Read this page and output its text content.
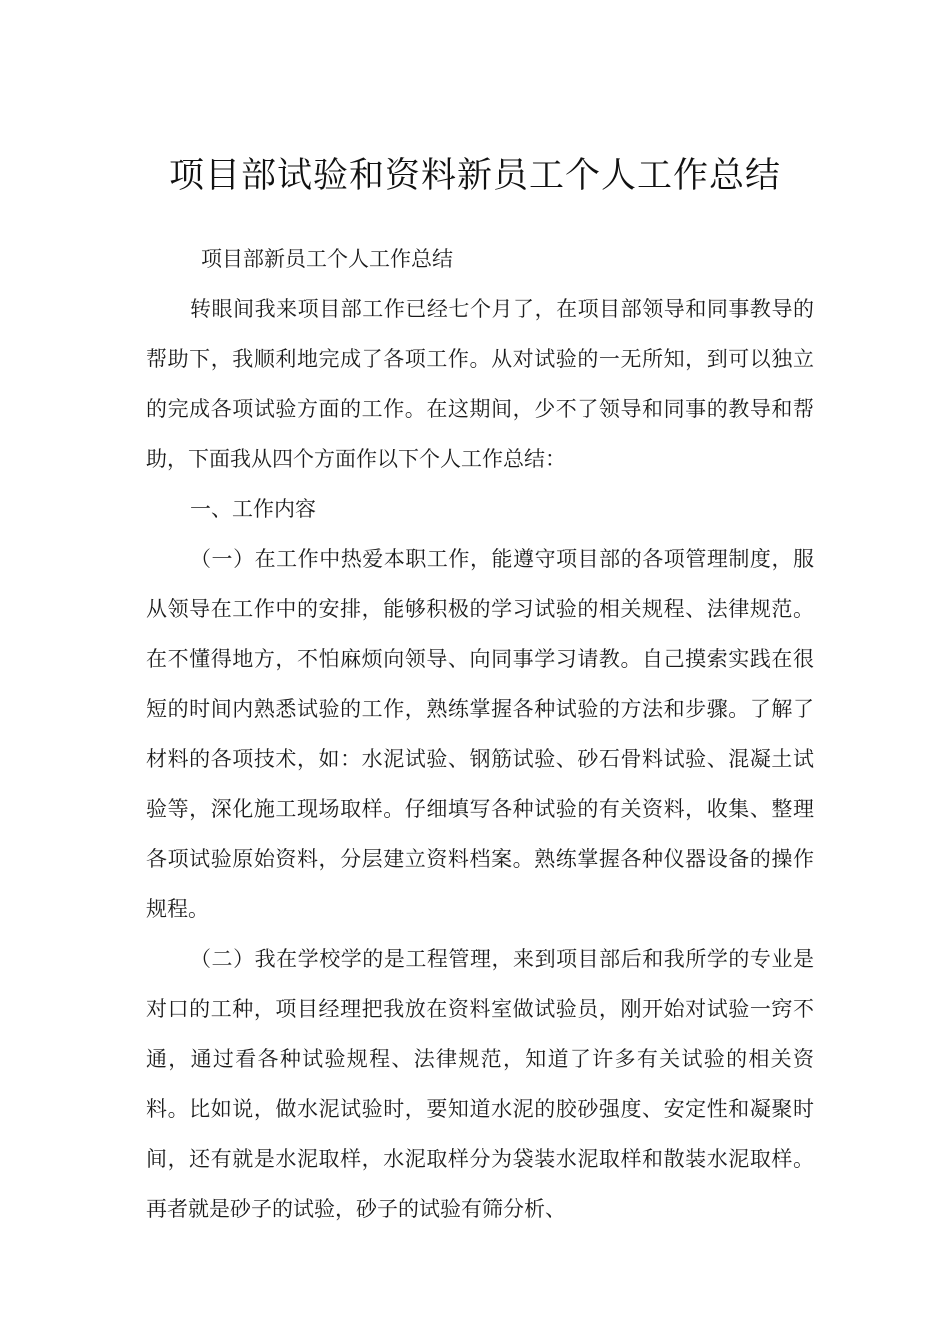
项目部试验和资料新员工个人工作总结

项目部新员工个人工作总结

转眼间我来项目部工作已经七个月了，在项目部领导和同事教导的帮助下，我顺利地完成了各项工作。从对试验的一无所知，到可以独立的完成各项试验方面的工作。在这期间，少不了领导和同事的教导和帮助，下面我从四个方面作以下个人工作总结：

一、工作内容

（一）在工作中热爱本职工作，能遵守项目部的各项管理制度，服从领导在工作中的安排，能够积极的学习试验的相关规程、法律规范。在不懂得地方，不怕麻烦向领导、向同事学习请教。自己摸索实践在很短的时间内熟悉试验的工作，熟练掌握各种试验的方法和步骤。了解了材料的各项技术，如：水泥试验、钢筋试验、砂石骨料试验、混凝土试验等，深化施工现场取样。仔细填写各种试验的有关资料，收集、整理各项试验原始资料，分层建立资料档案。熟练掌握各种仪器设备的操作规程。

（二）我在学校学的是工程管理，来到项目部后和我所学的专业是对口的工种，项目经理把我放在资料室做试验员，刚开始对试验一窍不通，通过看各种试验规程、法律规范，知道了许多有关试验的相关资料。比如说，做水泥试验时，要知道水泥的胶砂强度、安定性和凝聚时间，还有就是水泥取样，水泥取样分为袋装水泥取样和散装水泥取样。再者就是砂子的试验，砂子的试验有筛分析、
